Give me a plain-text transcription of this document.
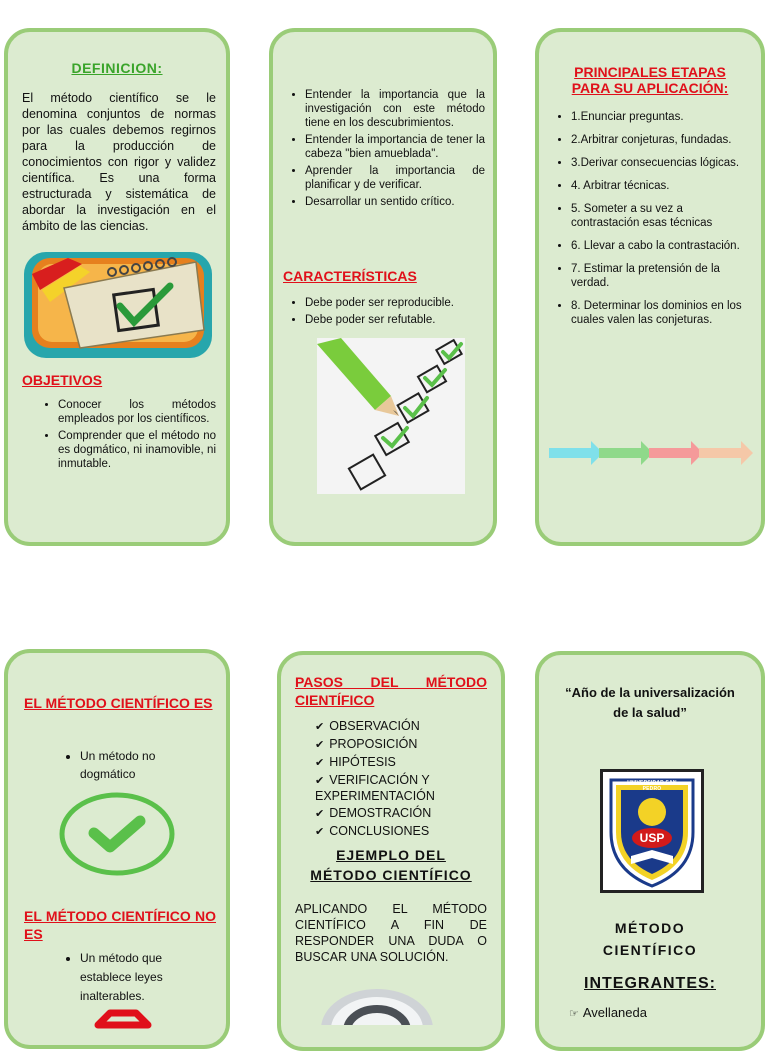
DEFINICION:
El método científico se le denomina conjuntos de normas por las cuales debemos regirnos para la producción de conocimientos con rigor y validez científica. Es una forma estructurada y sistemática de abordar la investigación en el ámbito de las ciencias.
OBJETIVOS
• Conocer los métodos empleados por los científicos.
• Comprender que el método no es dogmático, ni inamovible, ni inmutable.
• Entender la importancia que la investigación con este método tiene en los descubrimientos.
• Entender la importancia de tener la cabeza "bien amueblada".
• Aprender la importancia de planificar y de verificar.
• Desarrollar un sentido crítico.
CARACTERÍSTICAS
• Debe poder ser reproducible.
• Debe poder ser refutable.
PRINCIPALES ETAPAS
PARA SU APLICACIÓN:
• 1.Enunciar preguntas.
• 2.Arbitrar conjeturas, fundadas.
• 3.Derivar consecuencias lógicas.
• 4. Arbitrar técnicas.
• 5. Someter a su vez a contrastación esas técnicas
• 6. Llevar a cabo la contrastación.
• 7. Estimar la pretensión de la verdad.
• 8. Determinar los dominios en los cuales valen las conjeturas.
EL MÉTODO CIENTÍFICO ES
• Un método no dogmático
EL MÉTODO CIENTÍFICO NO ES
• Un método que establece leyes inalterables.
PASOS DEL MÉTODO CIENTÍFICO
✔ OBSERVACIÓN
✔ PROPOSICIÓN
✔ HIPÓTESIS
✔ VERIFICACIÓN Y EXPERIMENTACIÓN
✔ DEMOSTRACIÓN
✔ CONCLUSIONES
EJEMPLO DEL
MÉTODO CIENTÍFICO
APLICANDO EL MÉTODO CIENTÍFICO A FIN DE RESPONDER UNA DUDA O BUSCAR UNA SOLUCIÓN.
“Año de la universalización de la salud”
UNIVERSIDAD SAN PEDRO
USP
MÉTODO
CIENTÍFICO
INTEGRANTES:
☞ Avellaneda
